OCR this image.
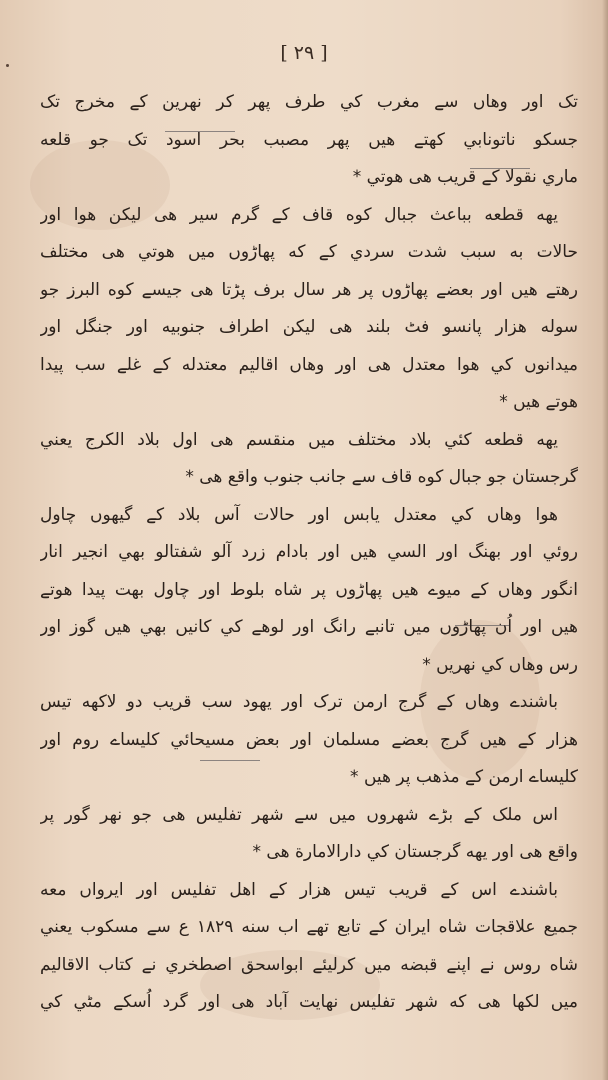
[ ۲۹ ]
تک اور وهاں سے مغرب کي طرف پهر کر نهرين کے مخرج تک
جسکو ناتونابي کهتے هيں پهر مصبب بحر اسود تک جو قلعه
ماري نقولا کے قريب هی هوتي *
يهه قطعه بباعث جبال کوه قاف کے گرم سير هی ليکن هوا اور
حالات به سبب شدت سردي کے که پهاڑوں ميں هوتي هی مختلف
رهتے هيں اور بعضے پهاڑوں پر هر سال برف پڑتا هی جيسے کوه البرز جو
سوله هزار پانسو فٹ بلند هی ليکن اطراف جنوبيه اور جنگل اور
ميدانوں کي هوا معتدل هی اور وهاں اقاليم معتدله کے غلے سب پيدا
هوتے هيں *
يهه قطعه کئي بلاد مختلف ميں منقسم هی اول بلاد الکرج يعني
گرجستان جو جبال کوه قاف سے جانب جنوب واقع هی *
هوا وهاں کي معتدل يابس اور حالات آس بلاد کے گيهوں چاول
روئي اور بهنگ اور السي هيں اور بادام زرد آلو شفتالو بهي انجير انار
انگور وهاں کے ميوے هيں پهاڑوں پر شاه بلوط اور چاول بهت پيدا هوتے
هيں اور اُن پهاڑوں ميں تانبے رانگ اور لوهے کي کانيں بهي هيں گوز اور
رس وهاں کي نهريں *
باشندے وهاں کے گرج ارمن ترک اور يهود سب قريب دو لاکهه تيس
هزار کے هيں گرج بعضے مسلمان اور بعض مسيحائي کليساے روم اور
کليساے ارمن کے مذهب پر هيں *
اس ملک کے بڑے شهروں ميں سے شهر تفليس هی جو نهر گور پر
واقع هی اور يهه گرجستان کي دارالامارة هی *
باشندے اس کے قريب تيس هزار کے اهل تفليس اور ايرواں معه
جميع علاقجات شاه ايران کے تابع تهے اب سنه ۱۸۲۹ ع سے مسکوب يعني
شاه روس نے اپنے قبضه ميں کرليئے ابواسحق اصطخري نے کتاب الاقاليم
ميں لکها هی که شهر تفليس نهايت آباد هی اور گرد اُسکے مٹي کي
